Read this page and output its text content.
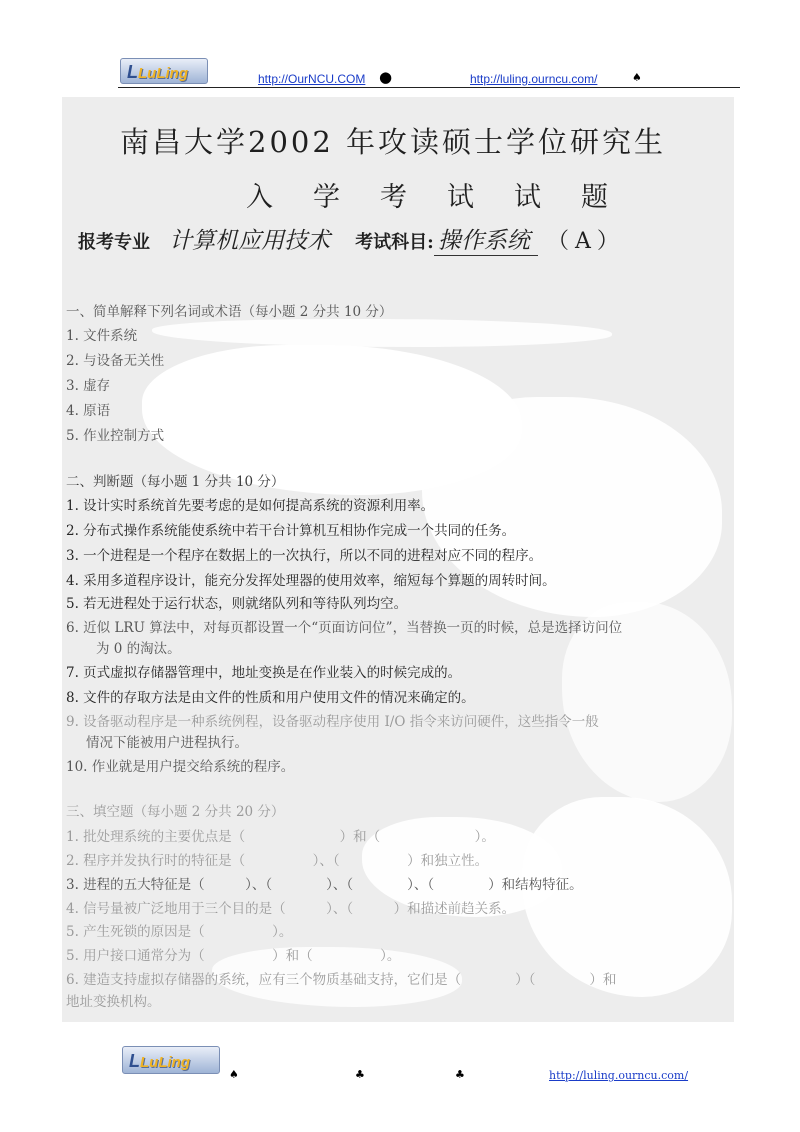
LLuLing	http://OurNCU.COM ●	http://luling.ourncu.com/	♠
南昌大学2002 年攻读硕士学位研究生
入 学 考 试 试 题
报考专业 计算机应用技术 考试科目: 操作系统 （A）
一、简单解释下列名词或术语（每小题 2 分共 10 分）
1. 文件系统
2. 与设备无关性
3. 虚存
4. 原语
5. 作业控制方式
二、判断题（每小题 1 分共 10 分）
1. 设计实时系统首先要考虑的是如何提高系统的资源利用率。
2. 分布式操作系统能使系统中若干台计算机互相协作完成一个共同的任务。
3. 一个进程是一个程序在数据上的一次执行，所以不同的进程对应不同的程序。
4. 采用多道程序设计，能充分发挥处理器的使用效率，缩短每个算题的周转时间。
5. 若无进程处于运行状态，则就绪队列和等待队列均空。
6. 近似 LRU 算法中，对每页都设置一个“页面访问位”，当替换一页的时候，总是选择访问位
为 0 的淘汰。
7. 页式虚拟存储器管理中，地址变换是在作业装入的时候完成的。
8. 文件的存取方法是由文件的性质和用户使用文件的情况来确定的。
9. 设备驱动程序是一种系统例程，设备驱动程序使用 I/O 指令来访问硬件，这些指令一般
情况下能被用户进程执行。
10. 作业就是用户提交给系统的程序。
三、填空题（每小题 2 分共 20 分）
1. 批处理系统的主要优点是（　　　　　　　）和（　　　　　　　）。
2. 程序并发执行时的特征是（　　　　　）、（　　　　　）和独立性。
3. 进程的五大特征是（　　　）、（　　　　）、（　　　　）、（　　　　）和结构特征。
4. 信号量被广泛地用于三个目的是（　　　）、（　　　）和描述前趋关系。
5. 产生死锁的原因是（　　　　　）。
5. 用户接口通常分为（　　　　　）和（　　　　　）。
6. 建造支持虚拟存储器的系统，应有三个物质基础支持，它们是（　　　　）（　　　　）和
地址变换机构。
LLuLing
♠	♣	♣	http://luling.ourncu.com/
